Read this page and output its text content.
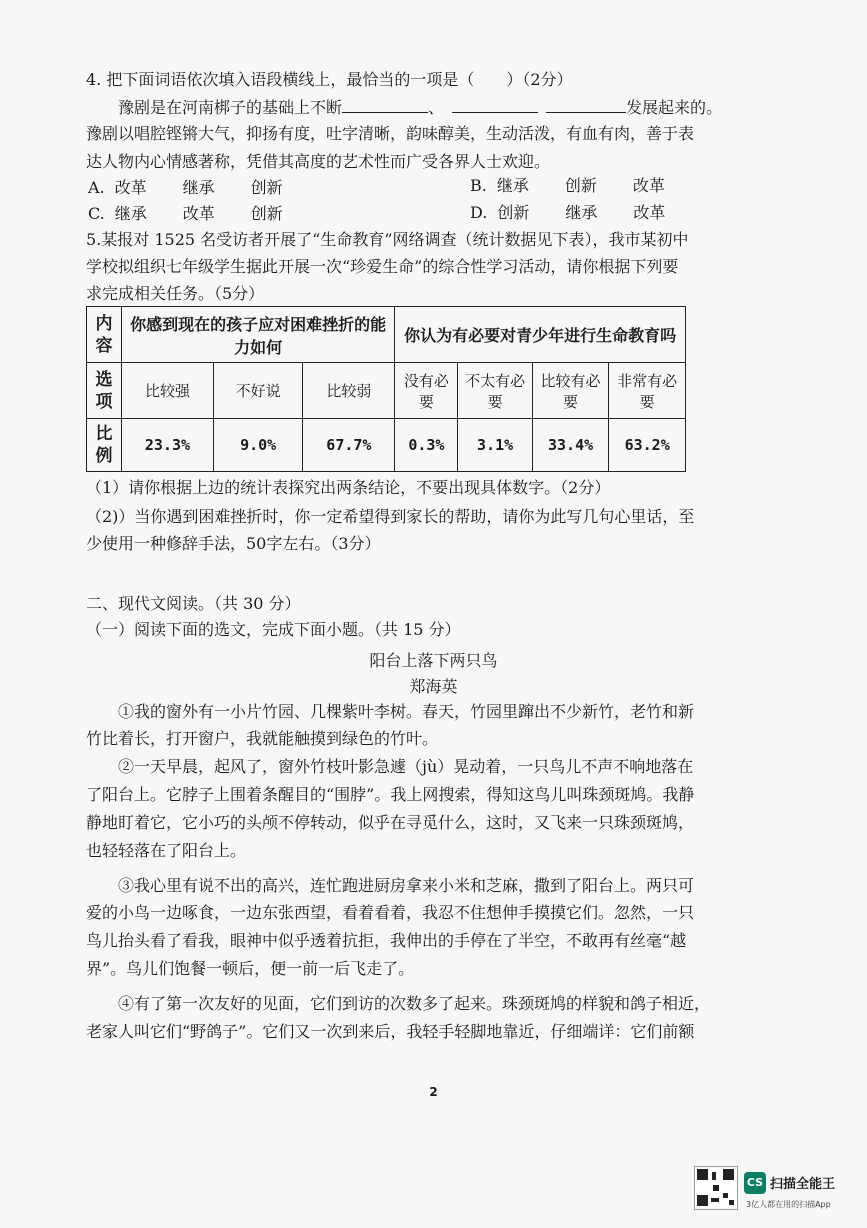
4. 把下面词语依次填入语段横线上，最恰当的一项是（　　）（2分）
豫剧是在河南梆子的基础上不断	、	发展起来的。
豫剧以唱腔铿锵大气，抑扬有度，吐字清晰，韵味醇美，生动活泼，有血有肉，善于表
达人物内心情感著称，凭借其高度的艺术性而广受各界人士欢迎。
A. 改革 继承 创新	B. 继承 创新 改革
C. 继承 改革 创新	D. 创新 继承 改革
5.某报对 1525 名受访者开展了“生命教育”网络调查（统计数据见下表），我市某初中
学校拟组织七年级学生据此开展一次“珍爱生命”的综合性学习活动，请你根据下列要
求完成相关任务。（5分）
内容	你感到现在的孩子应对困难挫折的能力如何			你认为有必要对青少年进行生命教育吗			
选项	比较强	不好说	比较弱	没有必要	不太有必要	比较有必要	非常有必要
比例	23.3%	9.0%	67.7%	0.3%	3.1%	33.4%	63.2%
（1）请你根据上边的统计表探究出两条结论，不要出现具体数字。（2分）
（2)）当你遇到困难挫折时，你一定希望得到家长的帮助，请你为此写几句心里话，至
少使用一种修辞手法，50字左右。（3分）
二、现代文阅读。（共 30 分）
（一）阅读下面的选文，完成下面小题。（共 15 分）
阳台上落下两只鸟
郑海英
①我的窗外有一小片竹园、几棵紫叶李树。春天，竹园里蹿出不少新竹，老竹和新
竹比着长，打开窗户，我就能触摸到绿色的竹叶。
②一天早晨，起风了，窗外竹枝叶影急遽（jù）晃动着，一只鸟儿不声不响地落在
了阳台上。它脖子上围着条醒目的“围脖”。我上网搜索，得知这鸟儿叫珠颈斑鸠。我静
静地盯着它，它小巧的头颅不停转动，似乎在寻觅什么，这时，又飞来一只珠颈斑鸠，
也轻轻落在了阳台上。
③我心里有说不出的高兴，连忙跑进厨房拿来小米和芝麻，撒到了阳台上。两只可
爱的小鸟一边啄食，一边东张西望，看着看着，我忍不住想伸手摸摸它们。忽然，一只
鸟儿抬头看了看我，眼神中似乎透着抗拒，我伸出的手停在了半空，不敢再有丝毫“越
界”。鸟儿们饱餐一顿后，便一前一后飞走了。
④有了第一次友好的见面，它们到访的次数多了起来。珠颈斑鸠的样貌和鸽子相近，
老家人叫它们“野鸽子”。它们又一次到来后，我轻手轻脚地靠近，仔细端详：它们前额
2
CS 扫描全能王
3亿人都在用的扫描App
